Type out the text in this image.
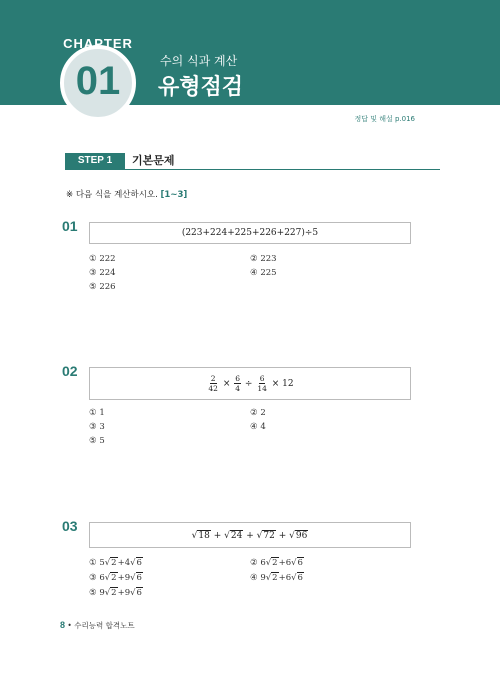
CHAPTER
01	수의 식과 계산
유형점검
정답 및 해설 p.016
STEP 1	기본문제
※ 다음 식을 계산하시오. [1~3]
01	(223+224+225+226+227)÷5
① 222	② 223
③ 224	④ 225
⑤ 226
02
$\frac{2}{42} \times \frac{6}{4} \div \frac{6}{14} \times 12$
① 1	② 2
③ 3	④ 4
⑤ 5
03
√18 + √24 + √72 + √96
① 5√2+4√6	② 6√2+6√6
③ 6√2+9√6	④ 9√2+6√6
⑤ 9√2+9√6
8 • 수리능력 합격노트
